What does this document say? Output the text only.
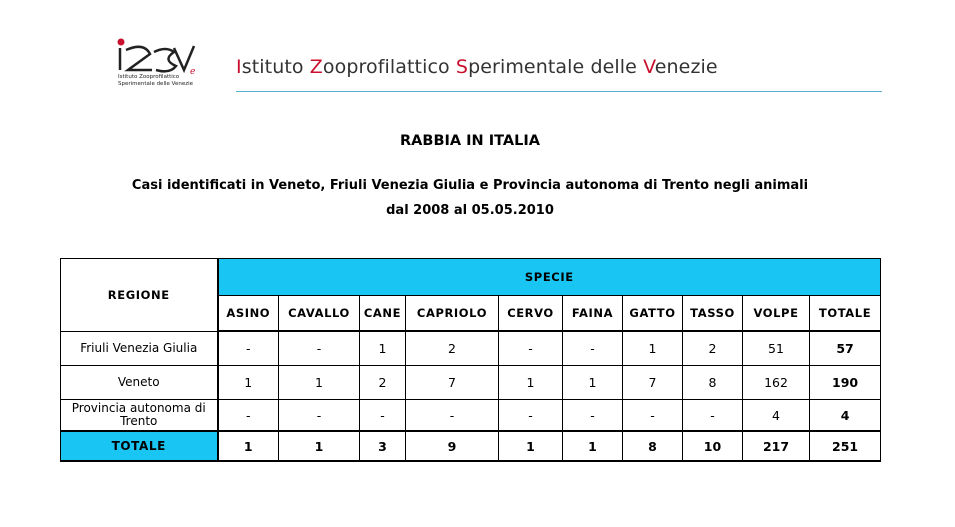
e
Istituto Zooprofilattico
Sperimentale delle Venezie
Istituto Zooprofilattico Sperimentale delle Venezie
RABBIA IN ITALIA
Casi identificati in Veneto, Friuli Venezia Giulia e Provincia autonoma di Trento negli animali
dal 2008 al 05.05.2010
REGIONE	SPECIE									
	ASINO	CAVALLO	CANE	CAPRIOLO	CERVO	FAINA	GATTO	TASSO	VOLPE	TOTALE
Friuli Venezia Giulia	-	-	1	2	-	-	1	2	51	57
Veneto	1	1	2	7	1	1	7	8	162	190
Provincia autonoma di Trento	-	-	-	-	-	-	-	-	4	4
TOTALE	1	1	3	9	1	1	8	10	217	251
